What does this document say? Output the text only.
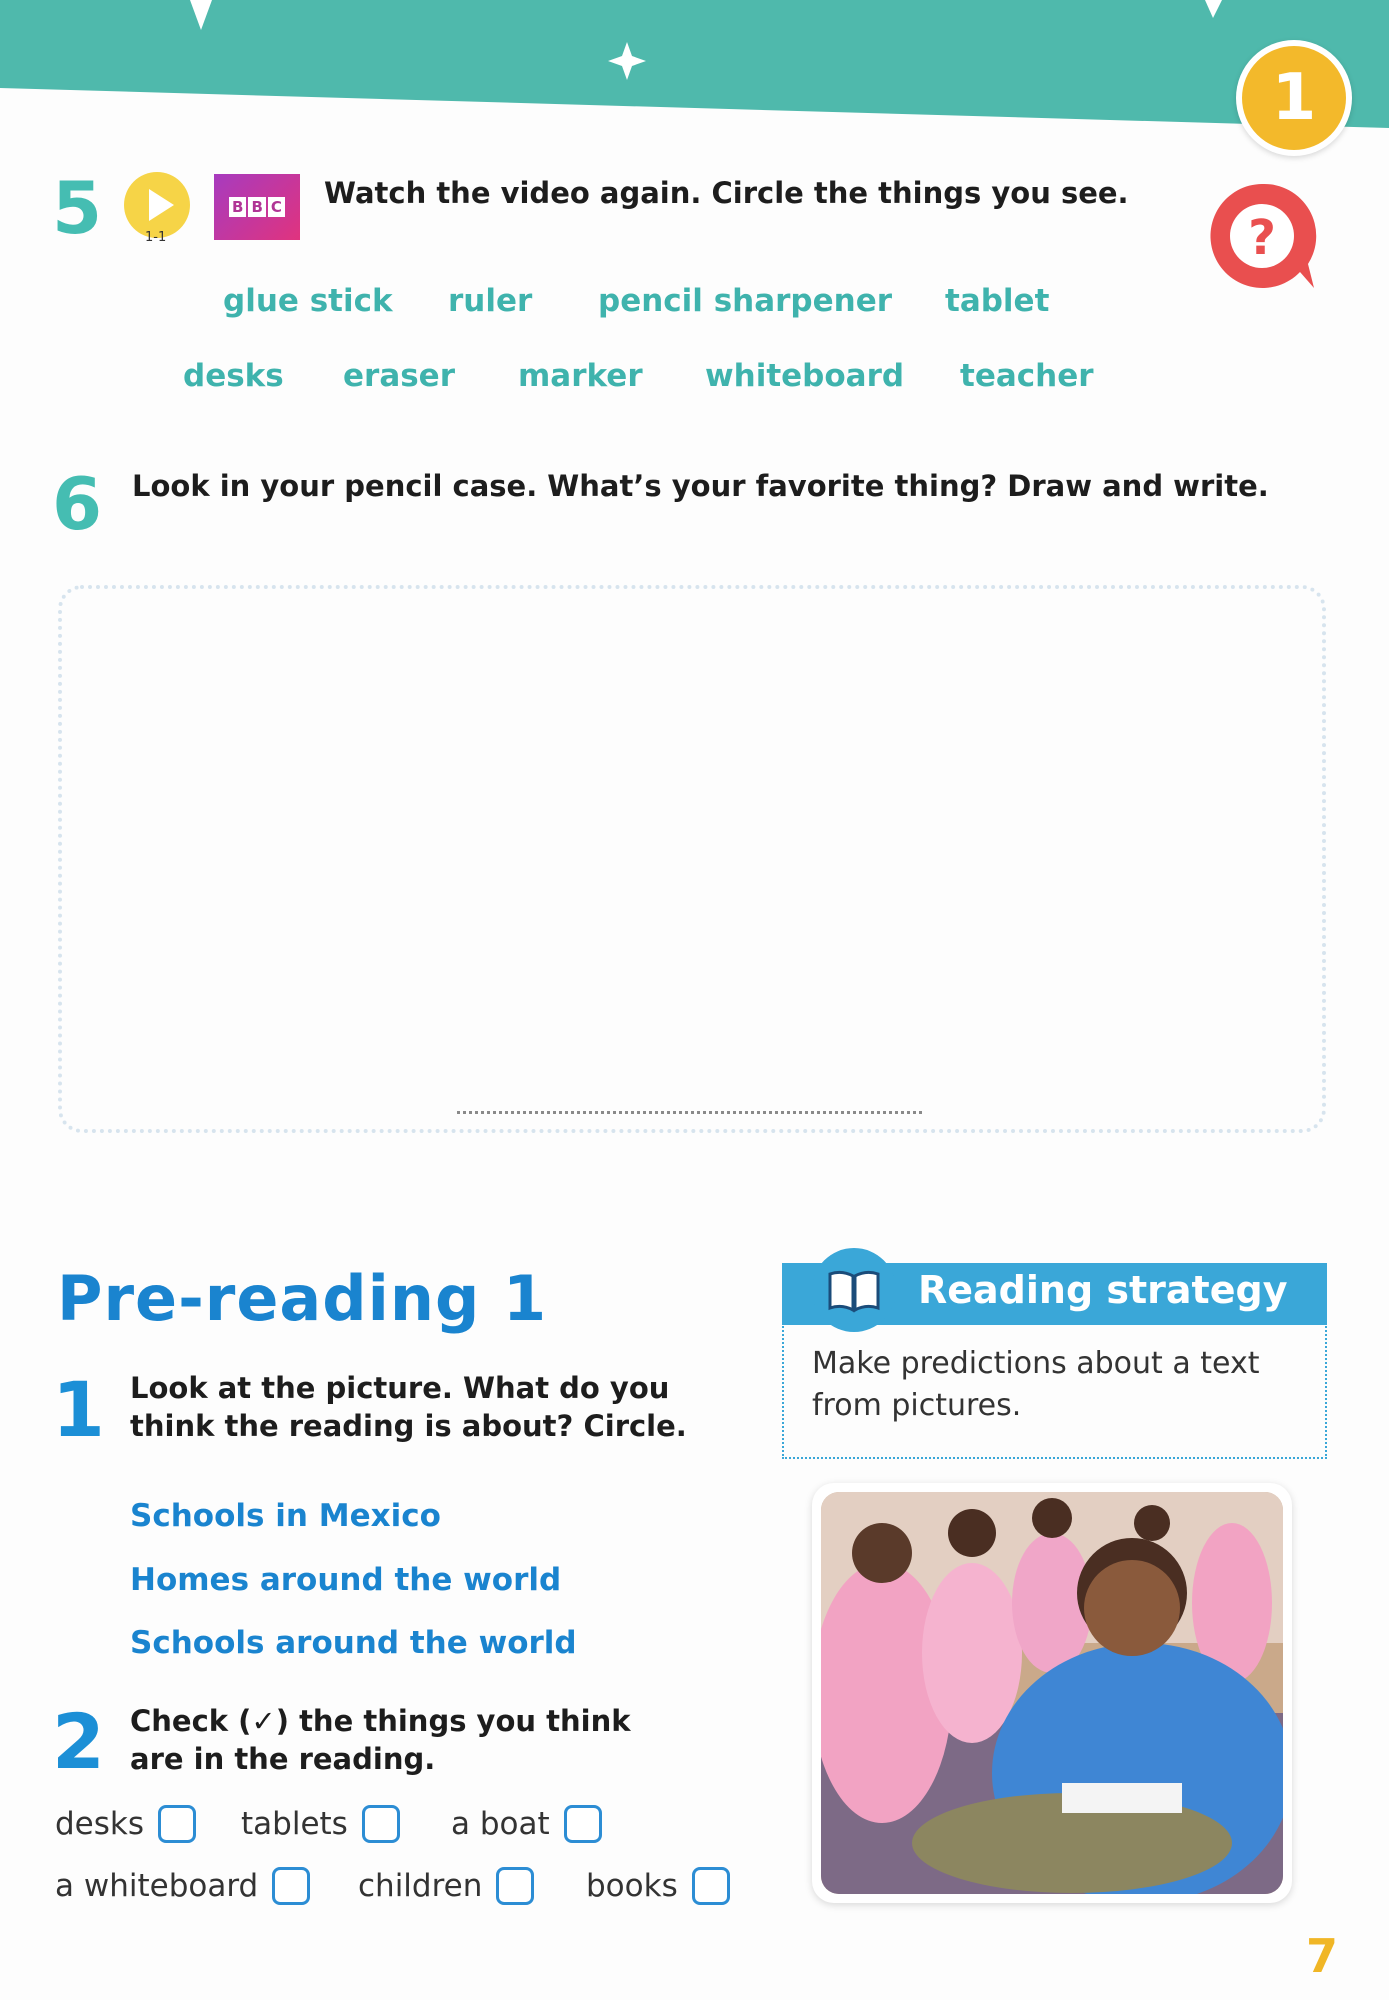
1
?
5	1-1
B B C Watch the video again. Circle the things you see.
glue stick ruler pencil sharpener tablet
desks eraser marker whiteboard teacher
6 Look in your pencil case. What’s your favorite thing? Draw and write.
Pre-reading 1
1 Look at the picture. What do you
think the reading is about? Circle.
Schools in Mexico
Homes around the world
Schools around the world
2 Check (✓) the things you think
are in the reading.
desks	tablets	a boat
a whiteboard	children	books
Reading strategy
Make predictions about a text from pictures.
7
